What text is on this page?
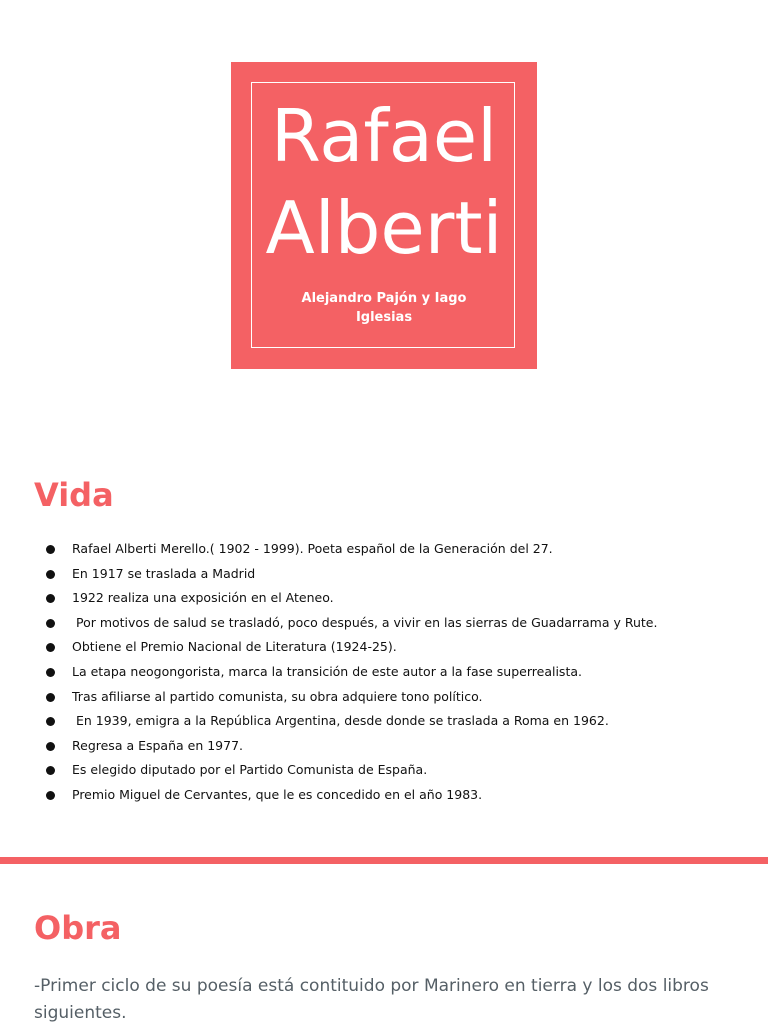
Rafael
Alberti

Alejandro Pajón y Iago
Iglesias

Vida
Rafael Alberti Merello.( 1902 - 1999). Poeta español de la Generación del 27.
En 1917 se traslada a Madrid
1922 realiza una exposición en el Ateneo.
Por motivos de salud se trasladó, poco después, a vivir en las sierras de Guadarrama y Rute.
Obtiene el Premio Nacional de Literatura (1924-25).
La etapa neogongorista, marca la transición de este autor a la fase superrealista.
Tras afiliarse al partido comunista, su obra adquiere tono político.
En 1939, emigra a la República Argentina, desde donde se traslada a Roma en 1962.
Regresa a España en 1977.
Es elegido diputado por el Partido Comunista de España.
Premio Miguel de Cervantes, que le es concedido en el año 1983.
Obra

-Primer ciclo de su poesía está contituido por Marinero en tierra y los dos libros siguientes.
